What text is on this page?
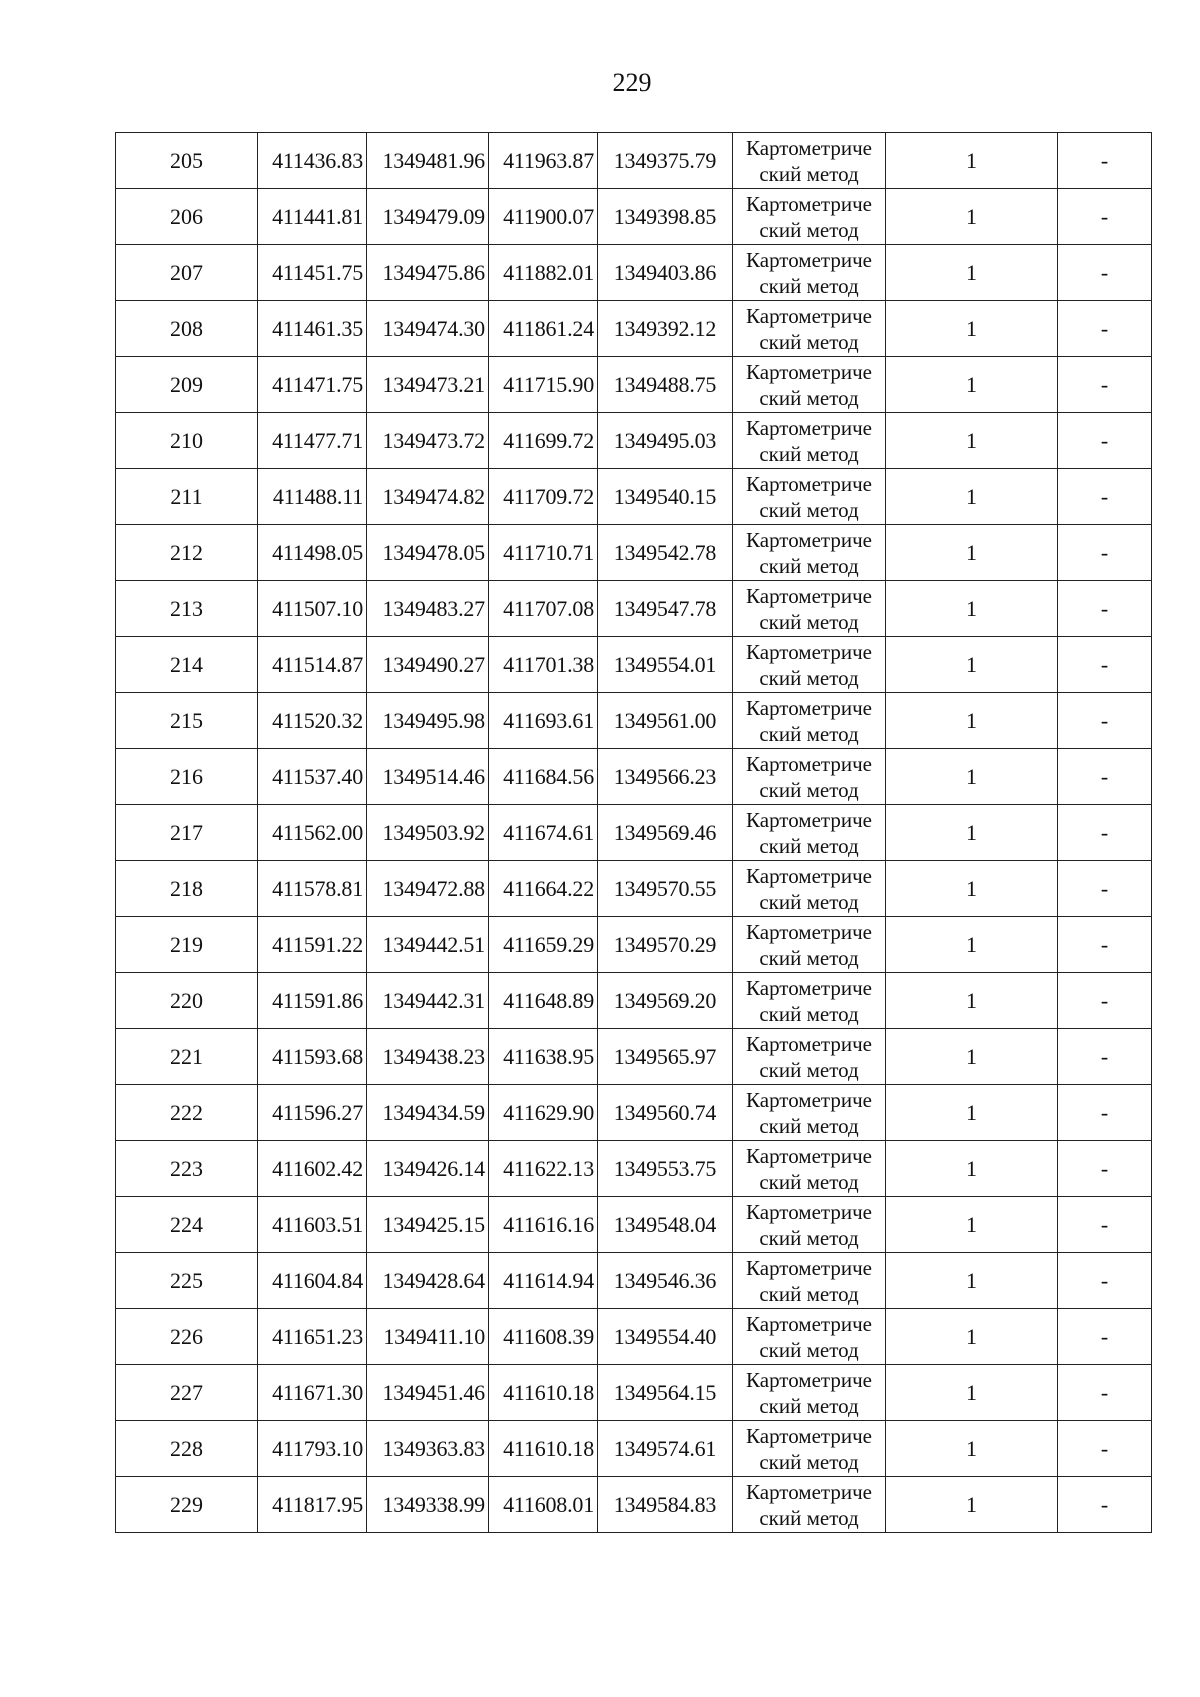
229
205	411436.83	1349481.96	411963.87	1349375.79	Картометриче
ский метод	1	-
206	411441.81	1349479.09	411900.07	1349398.85	Картометриче
ский метод	1	-
207	411451.75	1349475.86	411882.01	1349403.86	Картометриче
ский метод	1	-
208	411461.35	1349474.30	411861.24	1349392.12	Картометриче
ский метод	1	-
209	411471.75	1349473.21	411715.90	1349488.75	Картометриче
ский метод	1	-
210	411477.71	1349473.72	411699.72	1349495.03	Картометриче
ский метод	1	-
211	411488.11	1349474.82	411709.72	1349540.15	Картометриче
ский метод	1	-
212	411498.05	1349478.05	411710.71	1349542.78	Картометриче
ский метод	1	-
213	411507.10	1349483.27	411707.08	1349547.78	Картометриче
ский метод	1	-
214	411514.87	1349490.27	411701.38	1349554.01	Картометриче
ский метод	1	-
215	411520.32	1349495.98	411693.61	1349561.00	Картометриче
ский метод	1	-
216	411537.40	1349514.46	411684.56	1349566.23	Картометриче
ский метод	1	-
217	411562.00	1349503.92	411674.61	1349569.46	Картометриче
ский метод	1	-
218	411578.81	1349472.88	411664.22	1349570.55	Картометриче
ский метод	1	-
219	411591.22	1349442.51	411659.29	1349570.29	Картометриче
ский метод	1	-
220	411591.86	1349442.31	411648.89	1349569.20	Картометриче
ский метод	1	-
221	411593.68	1349438.23	411638.95	1349565.97	Картометриче
ский метод	1	-
222	411596.27	1349434.59	411629.90	1349560.74	Картометриче
ский метод	1	-
223	411602.42	1349426.14	411622.13	1349553.75	Картометриче
ский метод	1	-
224	411603.51	1349425.15	411616.16	1349548.04	Картометриче
ский метод	1	-
225	411604.84	1349428.64	411614.94	1349546.36	Картометриче
ский метод	1	-
226	411651.23	1349411.10	411608.39	1349554.40	Картометриче
ский метод	1	-
227	411671.30	1349451.46	411610.18	1349564.15	Картометриче
ский метод	1	-
228	411793.10	1349363.83	411610.18	1349574.61	Картометриче
ский метод	1	-
229	411817.95	1349338.99	411608.01	1349584.83	Картометриче
ский метод	1	-
